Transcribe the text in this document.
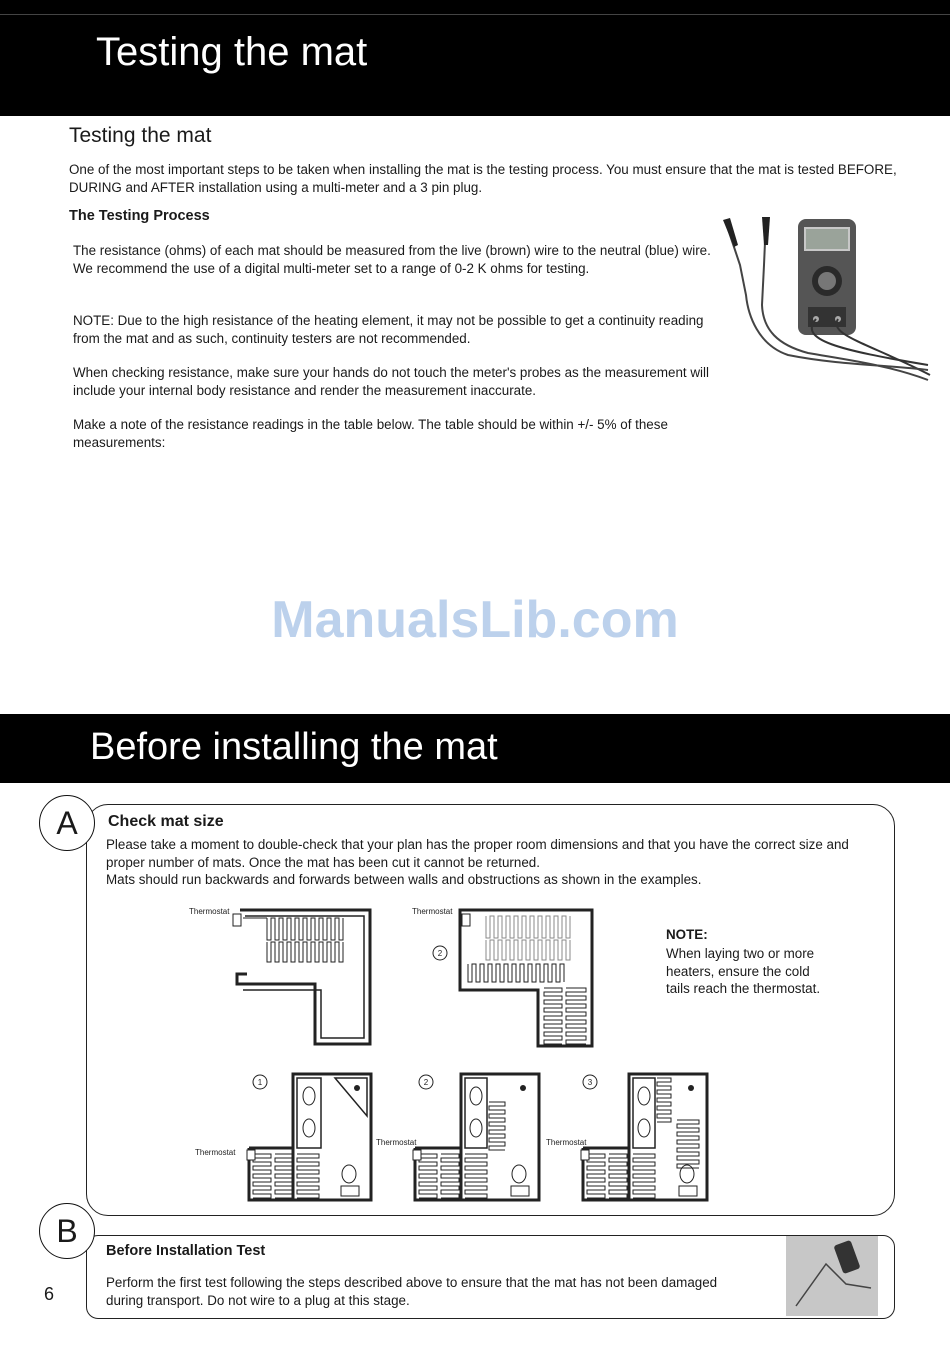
Testing the mat
Testing the mat

One of the most important steps to be taken when installing the mat is the testing process. You must ensure that the mat is tested BEFORE, DURING and AFTER installation using a multi-meter and a 3 pin plug.

The Testing Process

The resistance (ohms) of each mat should be measured from the live (brown) wire to the neutral (blue) wire. We recommend the use of a digital multi-meter set to a range of 0-2 K ohms for testing.

NOTE: Due to the high resistance of the heating element, it may not be possible to get a continuity reading from the mat and as such, continuity testers are not recommended.

When checking resistance, make sure your hands do not touch the meter's probes as the measurement will include your internal body resistance and render the measurement inaccurate.

Make a note of the resistance readings in the table below. The table should be within +/- 5% of these measurements:

ManualsLib.com
Before installing the mat
A	Check mat size

Please take a moment to double-check that your plan has the proper room dimensions and that you have the correct size and proper number of mats. Once the mat has been cut it cannot be returned.

Mats should run backwards and forwards between walls and obstructions as shown in the examples.

NOTE:

When laying two or more heaters, ensure the cold tails reach the thermostat.

Thermostat
2
Thermostat
1
Thermostat
2
Thermostat
3
Thermostat
B
Before Installation Test

Perform the first test following the steps described above to ensure that the mat has not been damaged during transport. Do not wire to a plug at this stage.

6
